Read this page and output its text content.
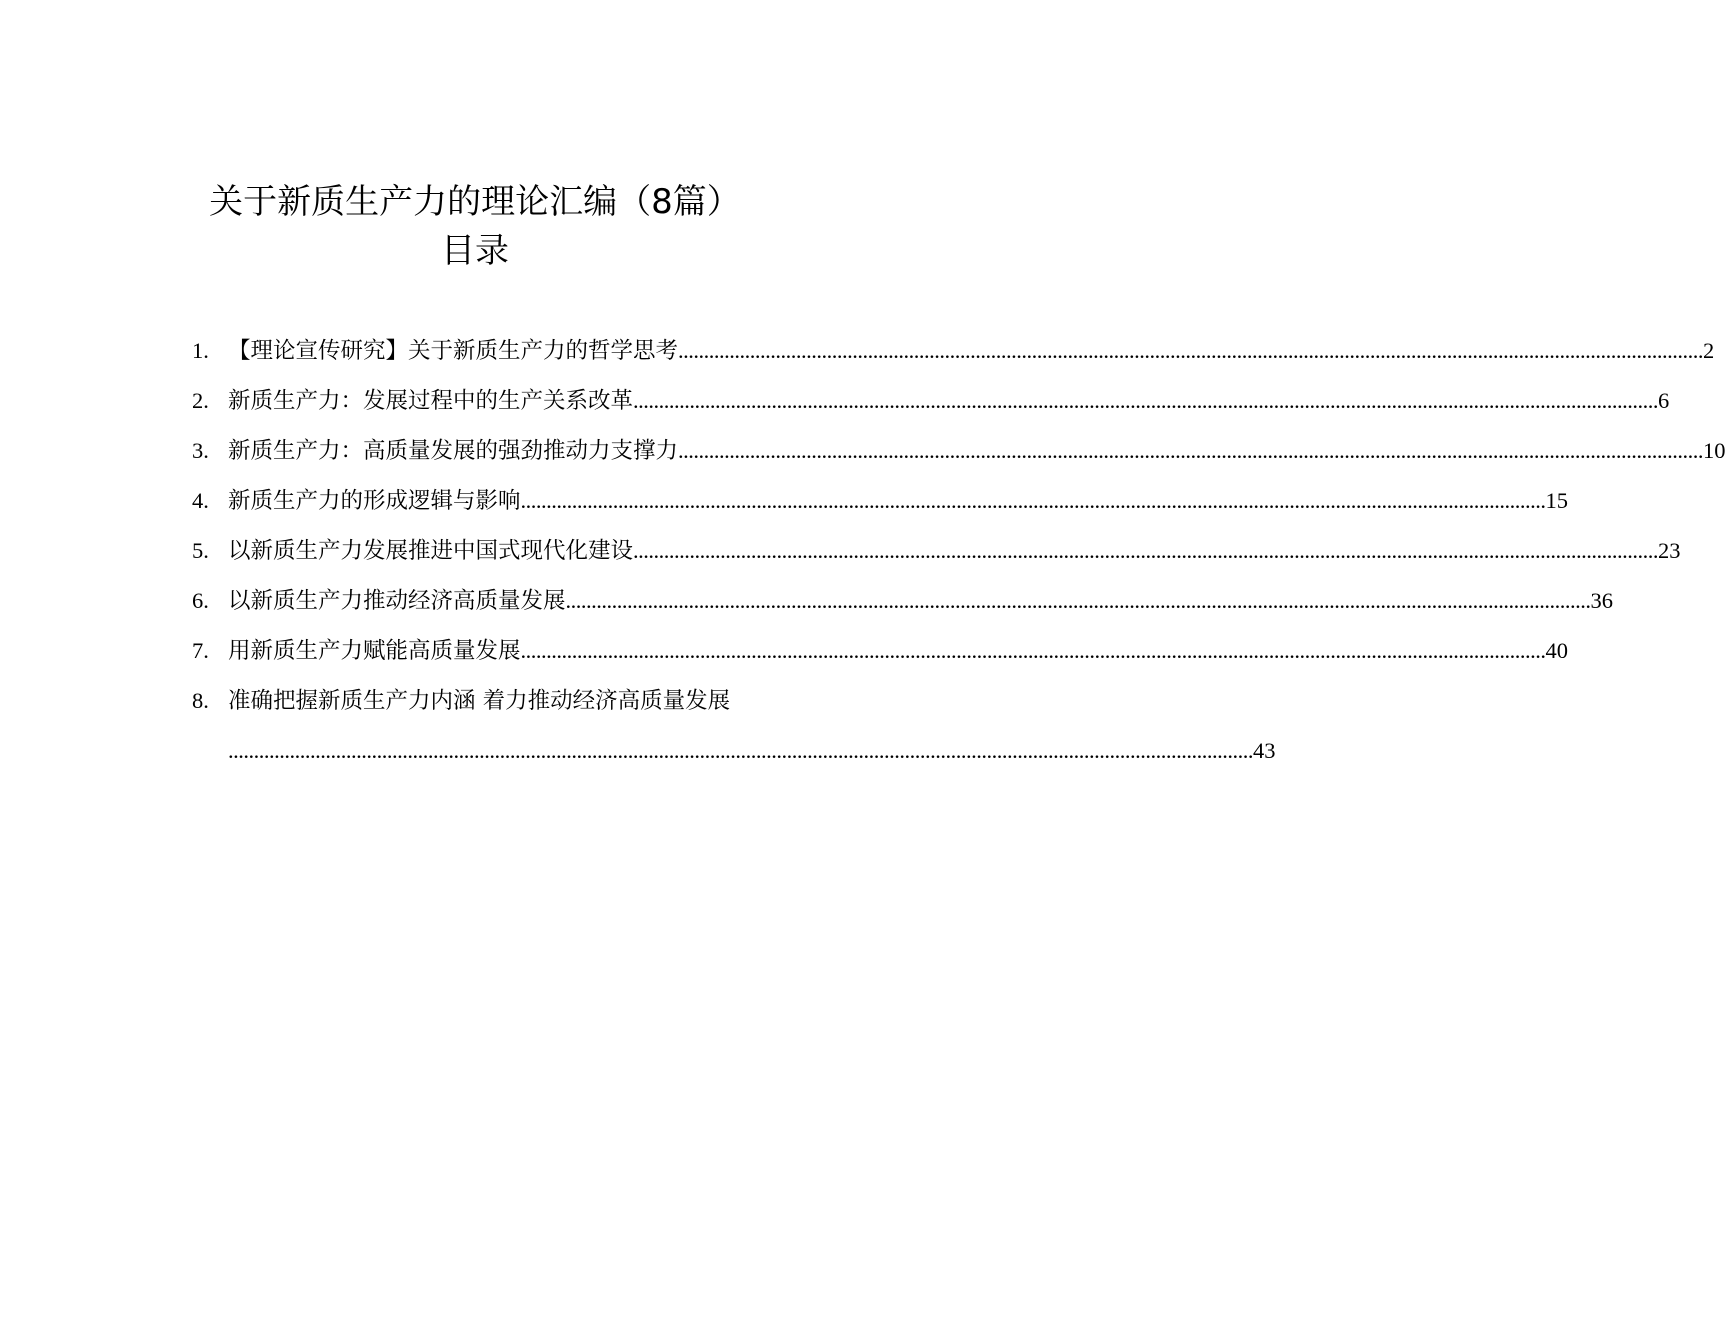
关于新质生产力的理论汇编（8篇）
目录
1. 【理论宣传研究】关于新质生产力的哲学思考 ........................................................................................................................................................................................................ 2
2. 新质生产力：发展过程中的生产关系改革 ........................................................................................................................................................................................................ 6
3. 新质生产力：高质量发展的强劲推动力支撑力 ........................................................................................................................................................................................................ 10
4. 新质生产力的形成逻辑与影响 ........................................................................................................................................................................................................ 15
5. 以新质生产力发展推进中国式现代化建设 ........................................................................................................................................................................................................ 23
6. 以新质生产力推动经济高质量发展 ........................................................................................................................................................................................................ 36
7. 用新质生产力赋能高质量发展 ........................................................................................................................................................................................................ 40
8. 准确把握新质生产力内涵 着力推动经济高质量发展
........................................................................................................................................................................................................ 43
